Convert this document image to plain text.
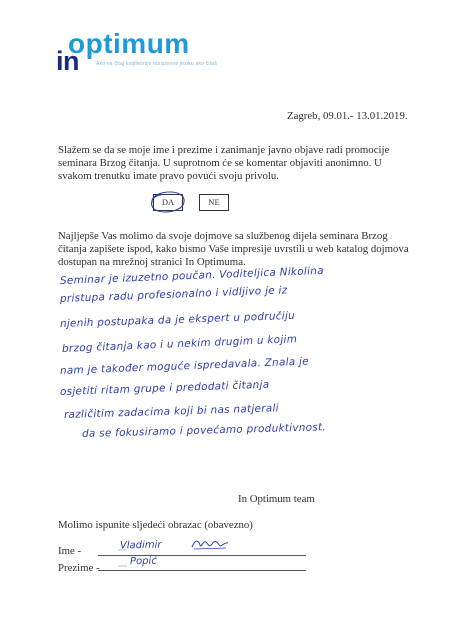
optimum
in	Ako na čitaj kvalitetnije obrazovne jeziku ako čitaš
Zagreb, 09.01.- 13.01.2019.
Slažem se da se moje ime i prezime i zanimanje javno objave radi promocije seminara Brzog čitanja. U suprotnom će se komentar objaviti anonimno. U svakom trenutku imate pravo povući svoju privolu.
DA	NE
Najljepše Vas molimo da svoje dojmove sa službenog dijela seminara Brzog čitanja zapišete ispod, kako bismo Vaše impresije uvrstili u web katalog dojmova dostupan na mrežnoj stranici In Optimuma.
Seminar je izuzetno poučan. Voditeljica Nikolina
pristupa radu profesionalno i vidljivo je iz
njenih postupaka da je ekspert u područiju
brzog čitanja kao i u nekim drugim u kojim
nam je također moguće ispredavala. Znala je
osjetiti ritam grupe i predodati čitanja
različitim zadacima koji bi nas natjerali
da se fokusiramo i povećamo produktivnost.
In Optimum team
Molimo ispunite sljedeći obrazac (obavezno)
Ime -	Vladimir
Prezime -
Popić
